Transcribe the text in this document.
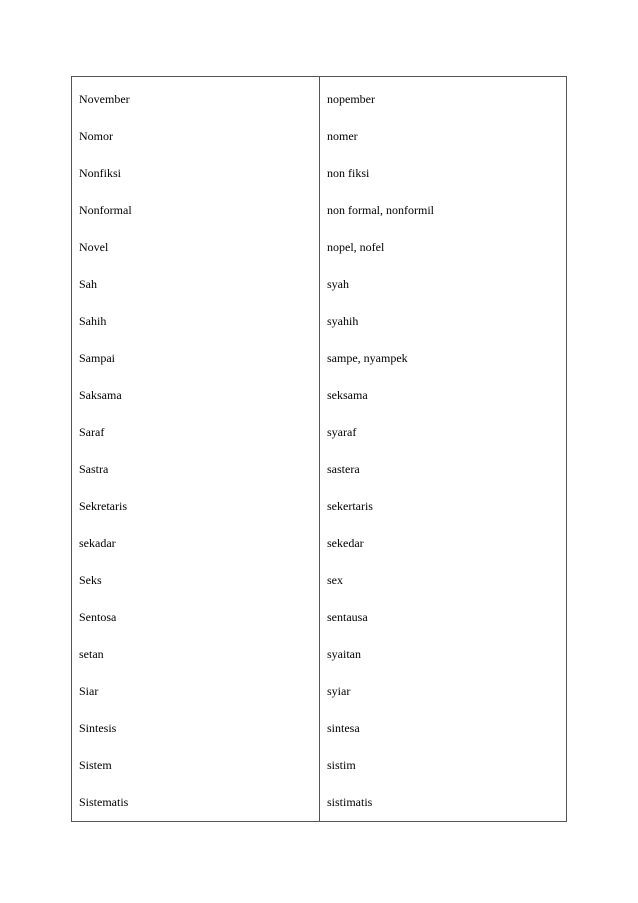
November	nopember
Nomor	nomer
Nonfiksi	non fiksi
Nonformal	non formal, nonformil
Novel	nopel, nofel
Sah	syah
Sahih	syahih
Sampai	sampe, nyampek
Saksama	seksama
Saraf	syaraf
Sastra	sastera
Sekretaris	sekertaris
sekadar	sekedar
Seks	sex
Sentosa	sentausa
setan	syaitan
Siar	syiar
Sintesis	sintesa
Sistem	sistim
Sistematis	sistimatis
